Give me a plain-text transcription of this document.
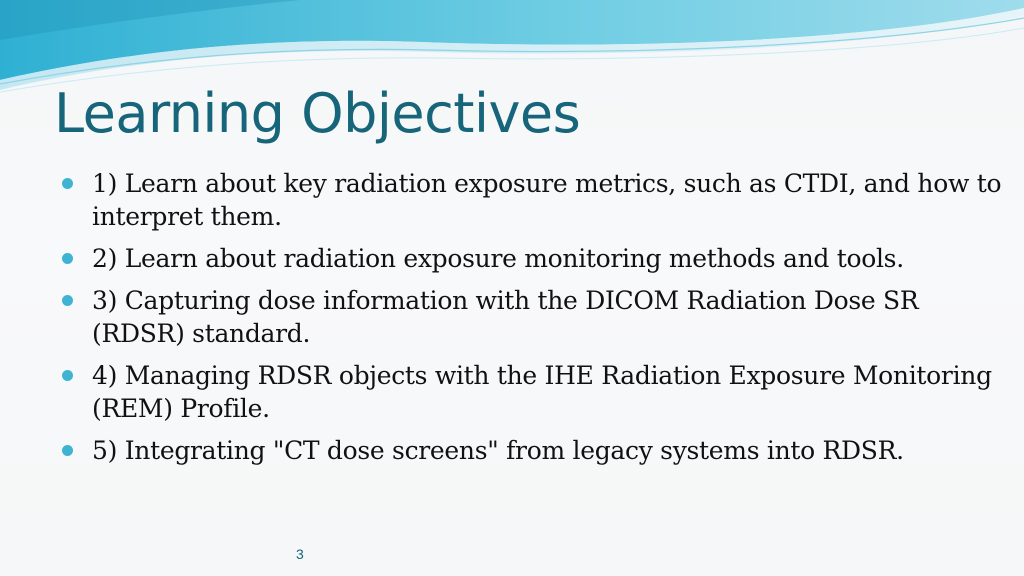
Learning Objectives
1) Learn about key radiation exposure metrics, such as CTDI, and how to interpret them.
2) Learn about radiation exposure monitoring methods and tools.
3) Capturing dose information with the DICOM Radiation Dose SR (RDSR) standard.
4) Managing RDSR objects with the IHE Radiation Exposure Monitoring (REM) Profile.
5) Integrating "CT dose screens" from legacy systems into RDSR.
3
